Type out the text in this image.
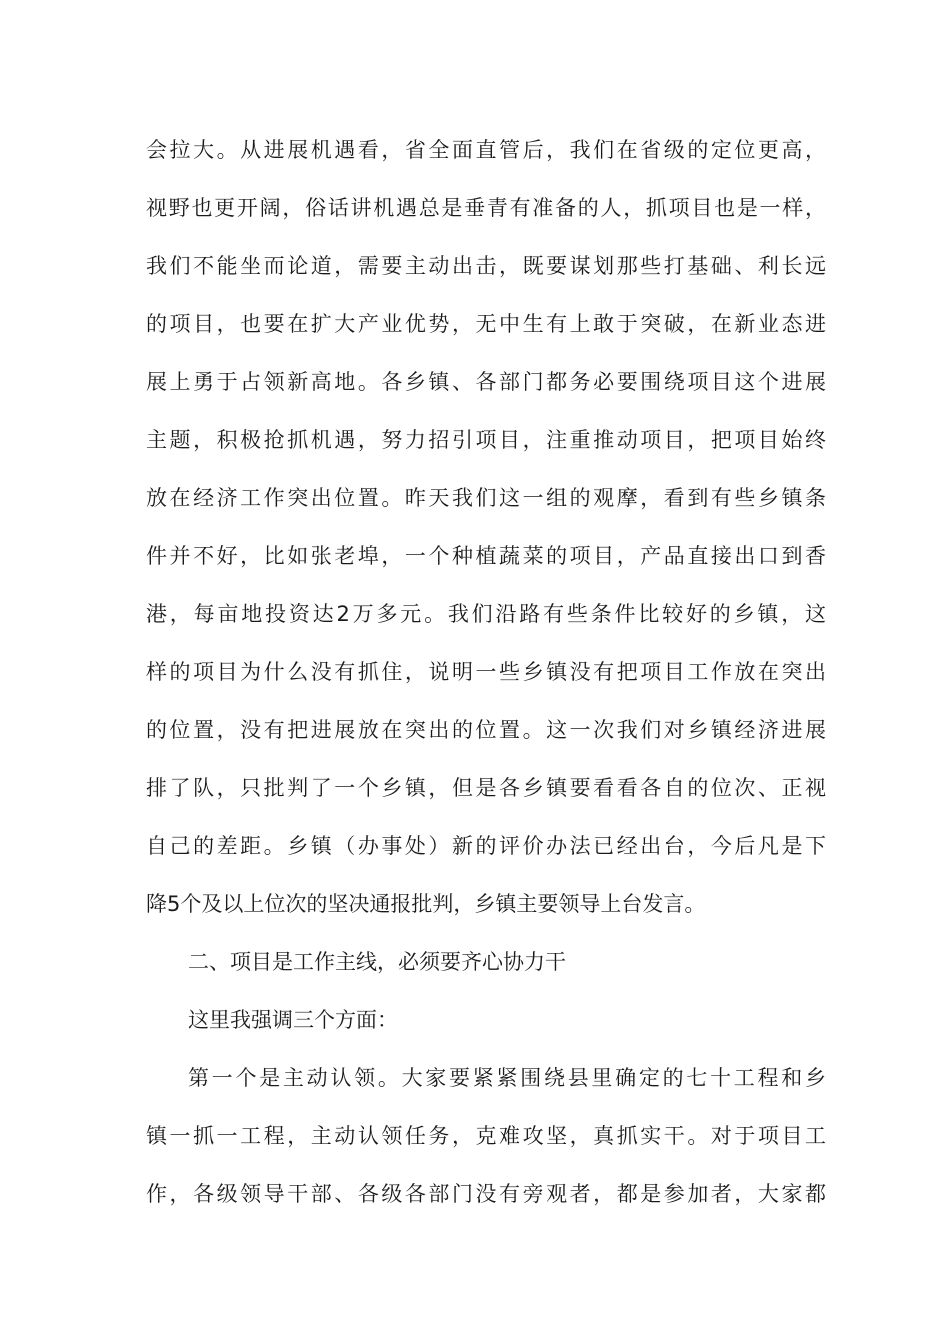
会拉大。从进展机遇看，省全面直管后，我们在省级的定位更高，
视野也更开阔，俗话讲机遇总是垂青有准备的人，抓项目也是一样，
我们不能坐而论道，需要主动出击，既要谋划那些打基础、利长远
的项目，也要在扩大产业优势，无中生有上敢于突破，在新业态进
展上勇于占领新高地。各乡镇、各部门都务必要围绕项目这个进展
主题，积极抢抓机遇，努力招引项目，注重推动项目，把项目始终
放在经济工作突出位置。昨天我们这一组的观摩，看到有些乡镇条
件并不好，比如张老埠，一个种植蔬菜的项目，产品直接出口到香
港，每亩地投资达2万多元。我们沿路有些条件比较好的乡镇，这
样的项目为什么没有抓住，说明一些乡镇没有把项目工作放在突出
的位置，没有把进展放在突出的位置。这一次我们对乡镇经济进展
排了队，只批判了一个乡镇，但是各乡镇要看看各自的位次、正视
自己的差距。乡镇（办事处）新的评价办法已经出台，今后凡是下
降5个及以上位次的坚决通报批判，乡镇主要领导上台发言。
二、项目是工作主线，必须要齐心协力干
这里我强调三个方面：
第一个是主动认领。大家要紧紧围绕县里确定的七十工程和乡
镇一抓一工程，主动认领任务，克难攻坚，真抓实干。对于项目工
作，各级领导干部、各级各部门没有旁观者，都是参加者，大家都
